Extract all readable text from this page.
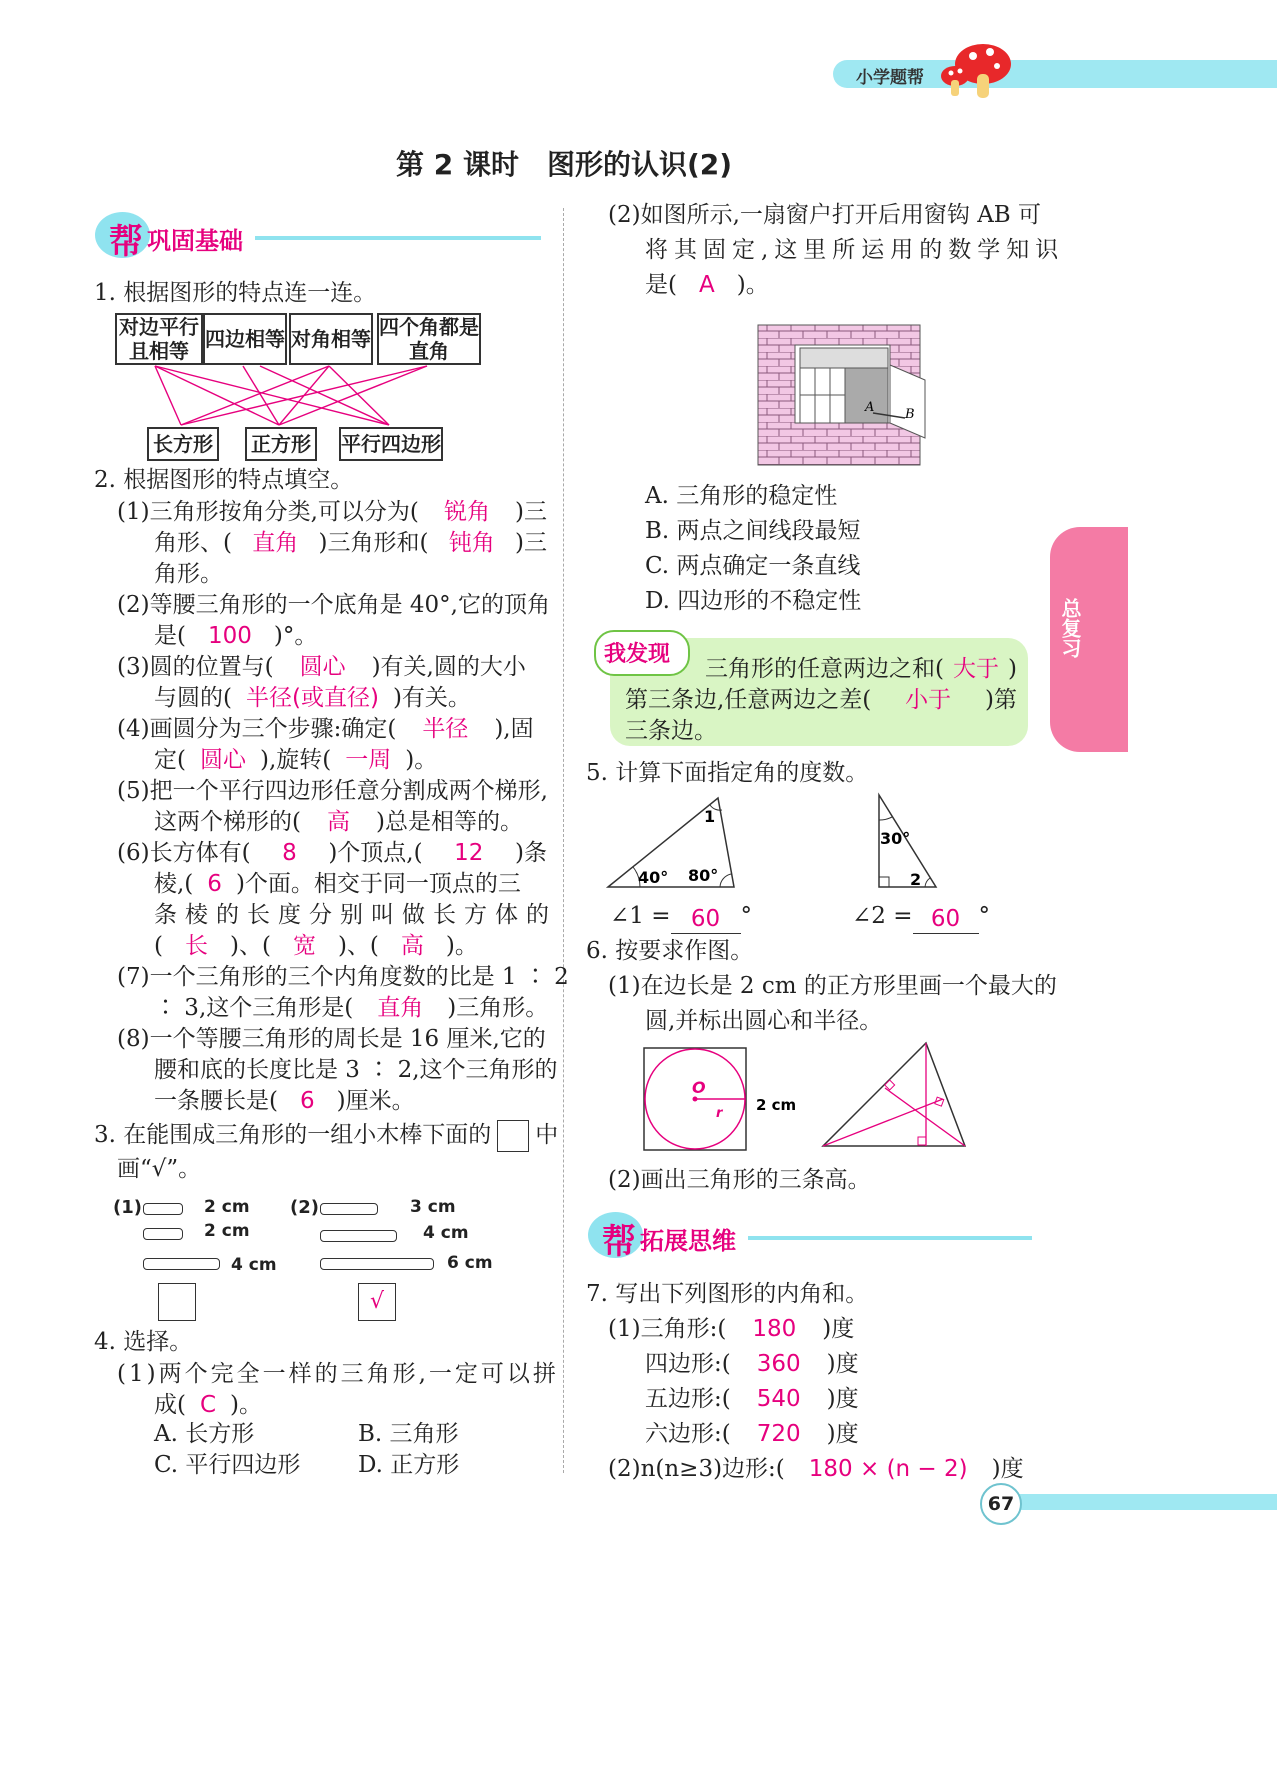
小学题帮
总复习
第 2 课时　图形的认识(2)
帮 巩固基础
1. 根据图形的特点连一连。
对边平行且相等 四边相等 对角相等 四个角都是直角
长方形	正方形	平行四边形
2. 根据图形的特点填空。
(1)三角形按角分类,可以分为( 锐角 )三
角形、( 直角 )三角形和( 钝角 )三
角形。
(2)等腰三角形的一个底角是 40°,它的顶角
是( 100 )°。
(3)圆的位置与( 圆心 )有关,圆的大小
与圆的( 半径(或直径) )有关。
(4)画圆分为三个步骤:确定( 半径 ),固
定( 圆心 ),旋转( 一周 )。
(5)把一个平行四边形任意分割成两个梯形,
这两个梯形的( 高 )总是相等的。
(6)长方体有( 8 )个顶点,( 12 )条
棱,( 6 )个面。相交于同一顶点的三
条棱的长度分别叫做长方体的
( 长 )、( 宽 )、( 高 )。
(7)一个三角形的三个内角度数的比是 1 ∶ 2
∶ 3,这个三角形是( 直角 )三角形。
(8)一个等腰三角形的周长是 16 厘米,它的
腰和底的长度比是 3 ∶ 2,这个三角形的
一条腰长是( 6 )厘米。
3. 在能围成三角形的一组小木棒下面的 中
画“√”。
(1)	2 cm
2 cm
4 cm
(2)	3 cm
4 cm
6 cm
√
4. 选择。
(1)两个完全一样的三角形,一定可以拼
成( C )。
A. 长方形	B. 三角形
C. 平行四边形	D. 正方形
(2)如图所示,一扇窗户打开后用窗钩 AB 可
将其固定,这里所运用的数学知识
是( A )。
A B
A. 三角形的稳定性
B. 两点之间线段最短
C. 两点确定一条直线
D. 四边形的不稳定性
我发现
三角形的任意两边之和( 大于 )
第三条边,任意两边之差( 小于 )第
三条边。
5. 计算下面指定角的度数。
40° 80°
1
30°
2
∠1 = 60 °	∠2 = 60 °
6. 按要求作图。
(1)在边长是 2 cm 的正方形里画一个最大的
圆,并标出圆心和半径。
O
r 2 cm
(2)画出三角形的三条高。
帮 拓展思维
7. 写出下列图形的内角和。
(1)三角形:( 180 )度
四边形:( 360 )度
五边形:( 540 )度
六边形:( 720 )度
(2)n(n≥3)边形:( 180 × (n − 2) )度
67
